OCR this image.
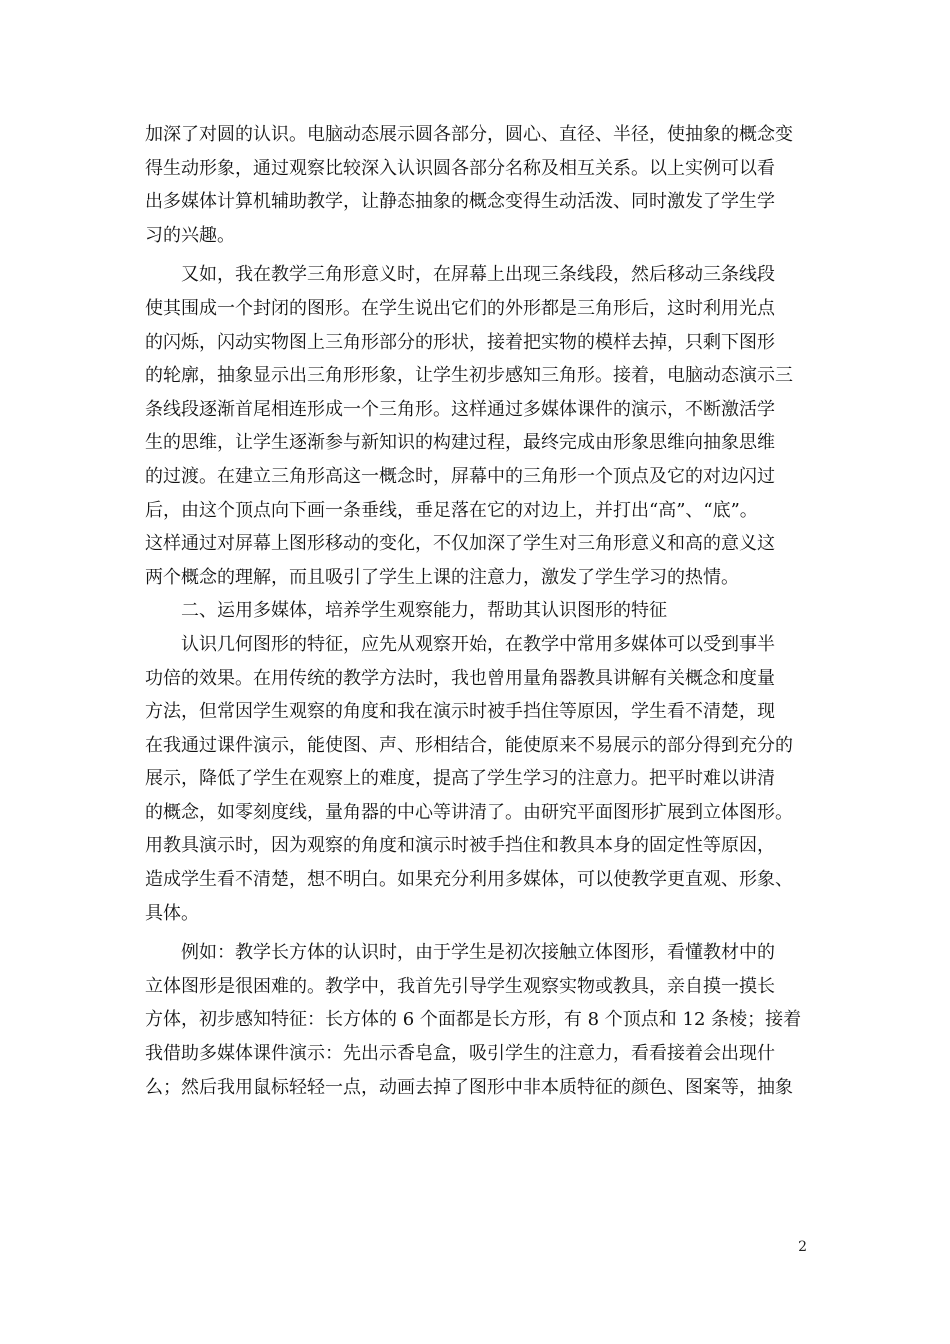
加深了对圆的认识。电脑动态展示圆各部分，圆心、直径、半径，使抽象的概念变
得生动形象，通过观察比较深入认识圆各部分名称及相互关系。以上实例可以看
出多媒体计算机辅助教学，让静态抽象的概念变得生动活泼、同时激发了学生学
习的兴趣。
　　又如，我在教学三角形意义时，在屏幕上出现三条线段，然后移动三条线段
使其围成一个封闭的图形。在学生说出它们的外形都是三角形后，这时利用光点
的闪烁，闪动实物图上三角形部分的形状，接着把实物的模样去掉，只剩下图形
的轮廓，抽象显示出三角形形象，让学生初步感知三角形。接着，电脑动态演示三
条线段逐渐首尾相连形成一个三角形。这样通过多媒体课件的演示，不断激活学
生的思维，让学生逐渐参与新知识的构建过程，最终完成由形象思维向抽象思维
的过渡。在建立三角形高这一概念时，屏幕中的三角形一个顶点及它的对边闪过
后，由这个顶点向下画一条垂线，垂足落在它的对边上，并打出“高”、“底”。
这样通过对屏幕上图形移动的变化，不仅加深了学生对三角形意义和高的意义这
两个概念的理解，而且吸引了学生上课的注意力，激发了学生学习的热情。
　　二、运用多媒体，培养学生观察能力，帮助其认识图形的特征
　　认识几何图形的特征，应先从观察开始，在教学中常用多媒体可以受到事半
功倍的效果。在用传统的教学方法时，我也曾用量角器教具讲解有关概念和度量
方法，但常因学生观察的角度和我在演示时被手挡住等原因，学生看不清楚，现
在我通过课件演示，能使图、声、形相结合，能使原来不易展示的部分得到充分的
展示，降低了学生在观察上的难度，提高了学生学习的注意力。把平时难以讲清
的概念，如零刻度线，量角器的中心等讲清了。由研究平面图形扩展到立体图形。
用教具演示时，因为观察的角度和演示时被手挡住和教具本身的固定性等原因，
造成学生看不清楚，想不明白。如果充分利用多媒体，可以使教学更直观、形象、
具体。
　　例如：教学长方体的认识时，由于学生是初次接触立体图形，看懂教材中的
立体图形是很困难的。教学中，我首先引导学生观察实物或教具，亲自摸一摸长
方体，初步感知特征：长方体的 6 个面都是长方形，有 8 个顶点和 12 条棱；接着
我借助多媒体课件演示：先出示香皂盒，吸引学生的注意力，看看接着会出现什
么；然后我用鼠标轻轻一点，动画去掉了图形中非本质特征的颜色、图案等，抽象
2
